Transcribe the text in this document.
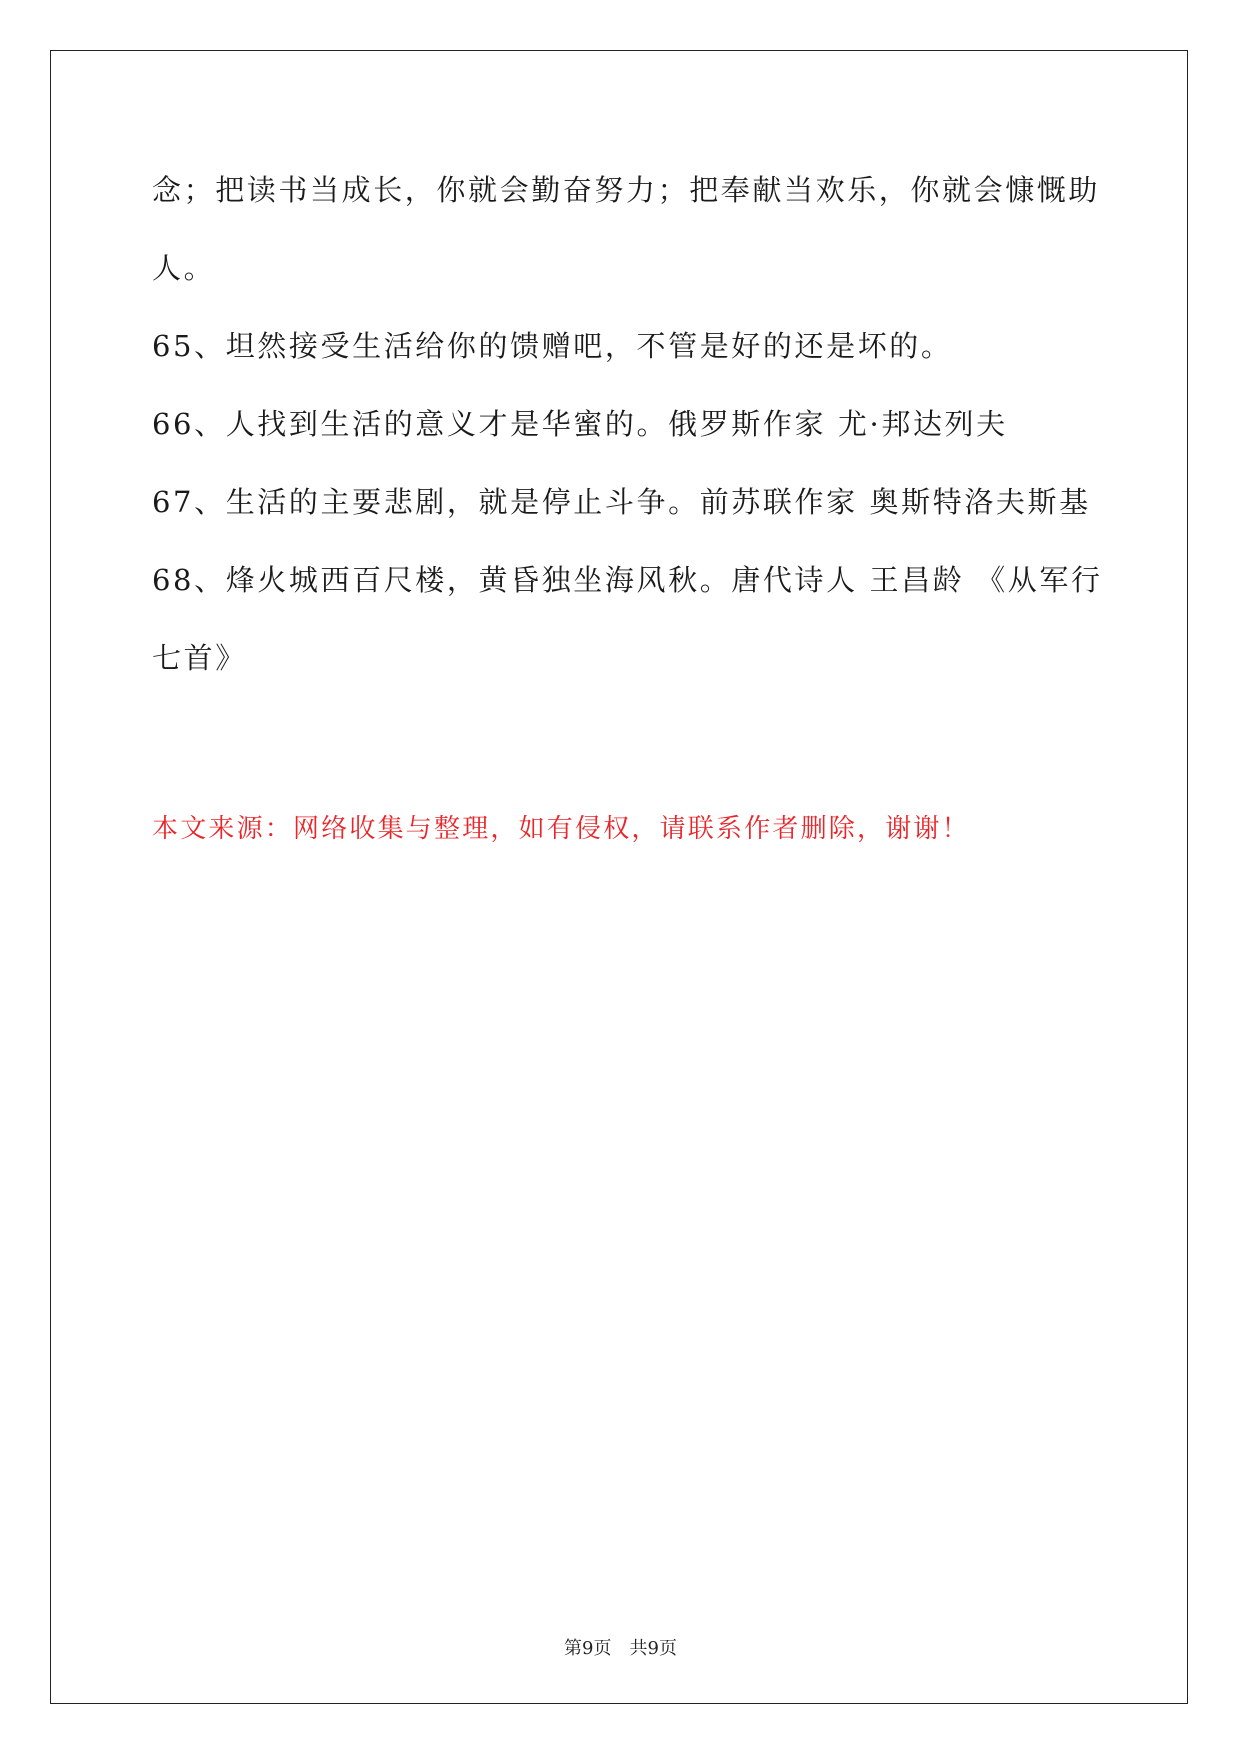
念；把读书当成长，你就会勤奋努力；把奉献当欢乐，你就会慷慨助
人。
65、坦然接受生活给你的馈赠吧，不管是好的还是坏的。
66、人找到生活的意义才是华蜜的。俄罗斯作家 尤·邦达列夫
67、生活的主要悲剧，就是停止斗争。前苏联作家 奥斯特洛夫斯基
68、烽火城西百尺楼，黄昏独坐海风秋。唐代诗人 王昌龄 《从军行
七首》
本文来源：网络收集与整理，如有侵权，请联系作者删除，谢谢！
第9页 共9页
